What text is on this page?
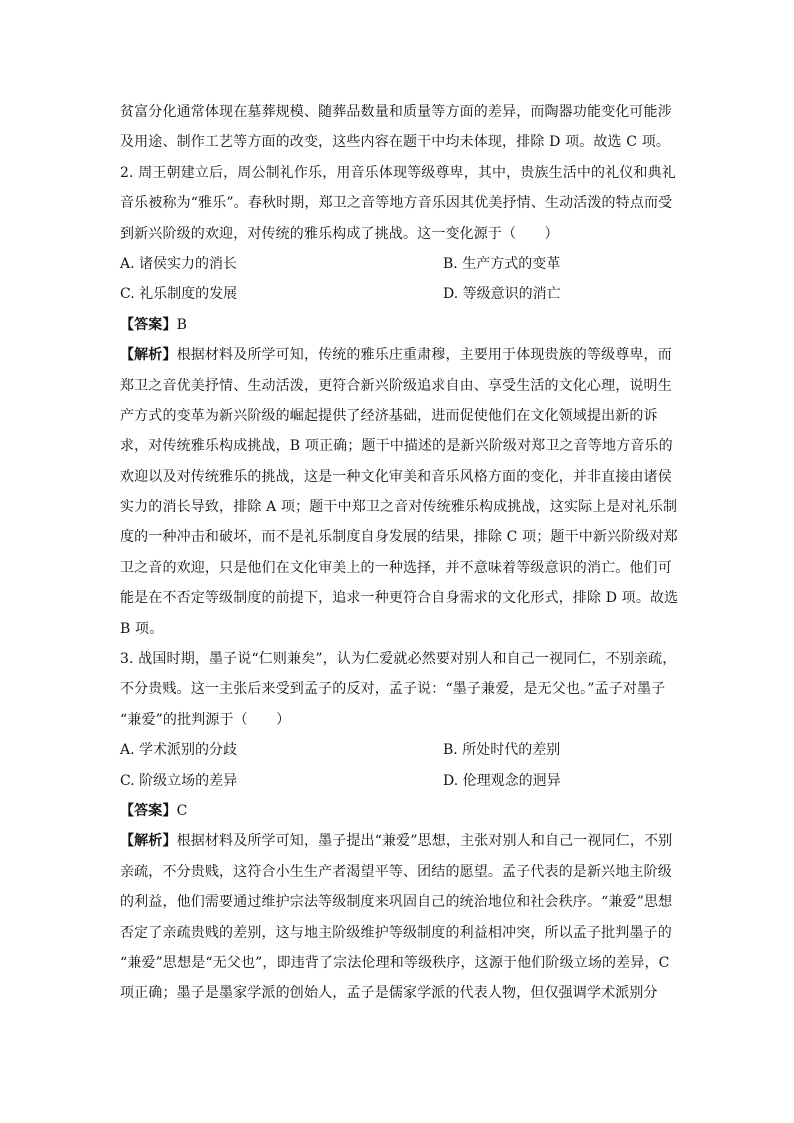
贫富分化通常体现在墓葬规模、随葬品数量和质量等方面的差异，而陶器功能变化可能涉
及用途、制作工艺等方面的改变，这些内容在题干中均未体现，排除 D 项。故选 C 项。
2. 周王朝建立后，周公制礼作乐，用音乐体现等级尊卑，其中，贵族生活中的礼仪和典礼
音乐被称为“雅乐”。春秋时期，郑卫之音等地方音乐因其优美抒情、生动活泼的特点而受
到新兴阶级的欢迎，对传统的雅乐构成了挑战。这一变化源于（　　）
A. 诸侯实力的消长	B. 生产方式的变革
C. 礼乐制度的发展	D. 等级意识的消亡
【答案】B
【解析】根据材料及所学可知，传统的雅乐庄重肃穆，主要用于体现贵族的等级尊卑，而
郑卫之音优美抒情、生动活泼，更符合新兴阶级追求自由、享受生活的文化心理，说明生
产方式的变革为新兴阶级的崛起提供了经济基础，进而促使他们在文化领域提出新的诉
求，对传统雅乐构成挑战，B 项正确；题干中描述的是新兴阶级对郑卫之音等地方音乐的
欢迎以及对传统雅乐的挑战，这是一种文化审美和音乐风格方面的变化，并非直接由诸侯
实力的消长导致，排除 A 项；题干中郑卫之音对传统雅乐构成挑战，这实际上是对礼乐制
度的一种冲击和破坏，而不是礼乐制度自身发展的结果，排除 C 项；题干中新兴阶级对郑
卫之音的欢迎，只是他们在文化审美上的一种选择，并不意味着等级意识的消亡。他们可
能是在不否定等级制度的前提下，追求一种更符合自身需求的文化形式，排除 D 项。故选
B 项。
3. 战国时期，墨子说“仁则兼矣”，认为仁爱就必然要对别人和自己一视同仁，不别亲疏，
不分贵贱。这一主张后来受到孟子的反对，孟子说：“墨子兼爱，是无父也。”孟子对墨子
“兼爱”的批判源于（　　）
A. 学术派别的分歧	B. 所处时代的差别
C. 阶级立场的差异	D. 伦理观念的迥异
【答案】C
【解析】根据材料及所学可知，墨子提出“兼爱”思想，主张对别人和自己一视同仁，不别
亲疏，不分贵贱，这符合小生生产者渴望平等、团结的愿望。孟子代表的是新兴地主阶级
的利益，他们需要通过维护宗法等级制度来巩固自己的统治地位和社会秩序。“兼爱”思想
否定了亲疏贵贱的差别，这与地主阶级维护等级制度的利益相冲突，所以孟子批判墨子的
“兼爱”思想是“无父也”，即违背了宗法伦理和等级秩序，这源于他们阶级立场的差异，C
项正确；墨子是墨家学派的创始人，孟子是儒家学派的代表人物，但仅强调学术派别分
